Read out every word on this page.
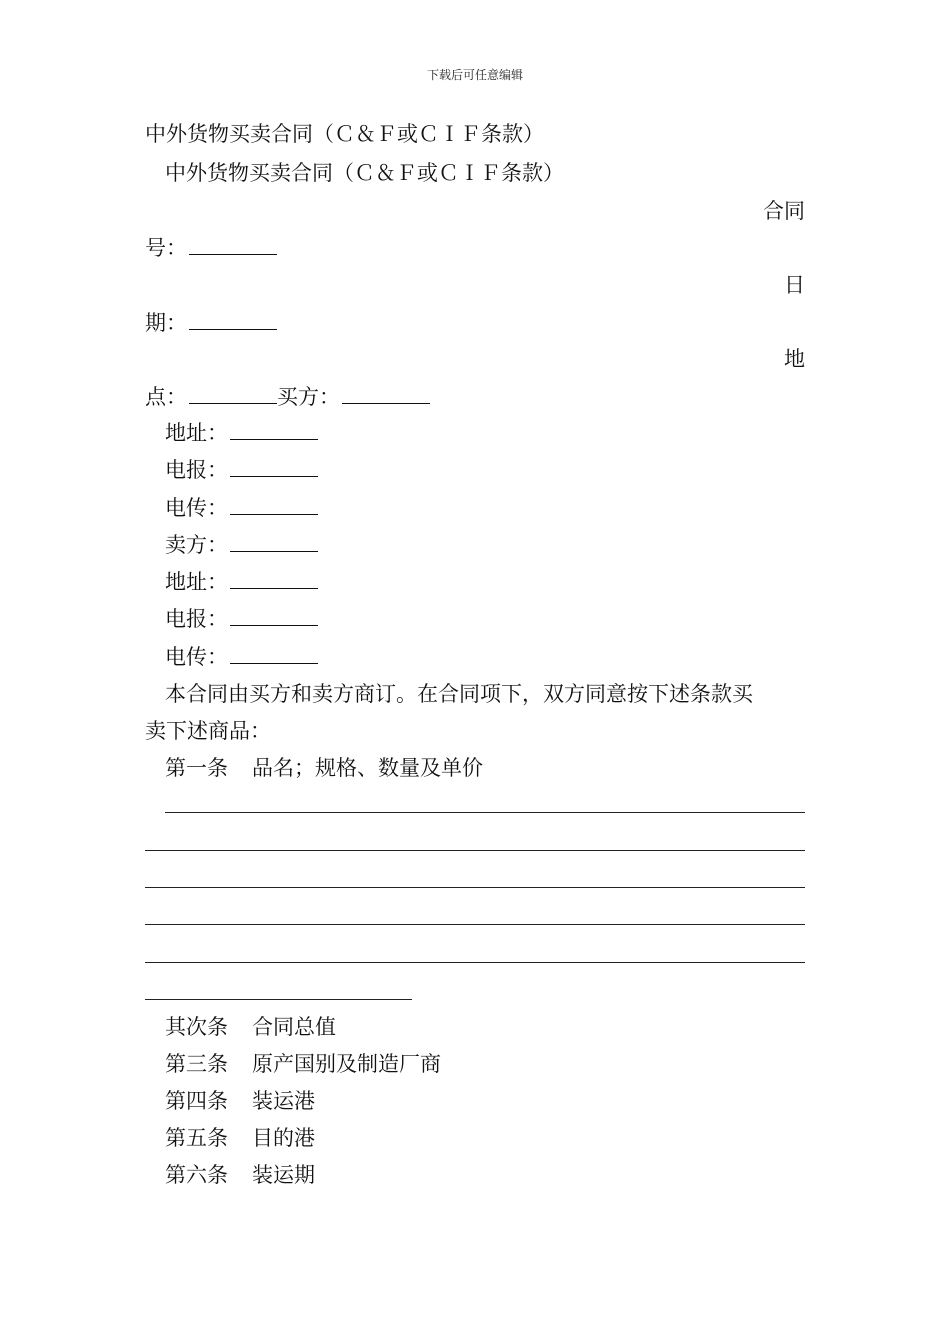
下载后可任意编辑
中外货物买卖合同（Ｃ＆Ｆ或ＣＩＦ条款）
中外货物买卖合同（Ｃ＆Ｆ或ＣＩＦ条款）
合同
号：
日
期：
地
点：	买方：
地址：
电报：
电传：
卖方：
地址：
电报：
电传：
本合同由买方和卖方商订。在合同项下，双方同意按下述条款买
卖下述商品：
第一条 品名；规格、数量及单价
其次条 合同总值
第三条 原产国别及制造厂商
第四条 装运港
第五条 目的港
第六条 装运期
